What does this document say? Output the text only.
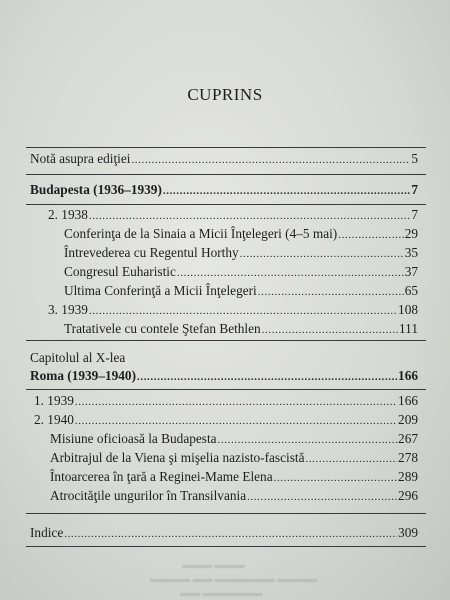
CUPRINS
Notă asupra ediţiei .....	5
Budapesta (1936–1939) .....	7
2. 1938 .....	7
Conferinţa de la Sinaia a Micii Înţelegeri (4–5 mai) .....	29
Întrevederea cu Regentul Horthy .....	35
Congresul Euharistic .....	37
Ultima Conferinţă a Micii Înţelegeri .....	65
3. 1939 .....	108
Tratativele cu contele Ştefan Bethlen .....	111
Capitolul al X-lea
Roma (1939–1940) .....	166
1. 1939 .....	166
2. 1940 .....	209
Misiune oficioasă la Budapesta .....	267
Arbitrajul de la Viena şi mişelia nazisto-fascistă .....	278
Întoarcerea în ţară a Reginei-Mame Elena .....	289
Atrocităţile ungurilor în Transilvania .....	296
Indice .....	309
▬▬▬ ▬▬▬
▬▬▬▬ ▬▬ ▬▬▬▬▬▬ ▬▬▬▬
▬▬ ▬▬▬▬▬▬
